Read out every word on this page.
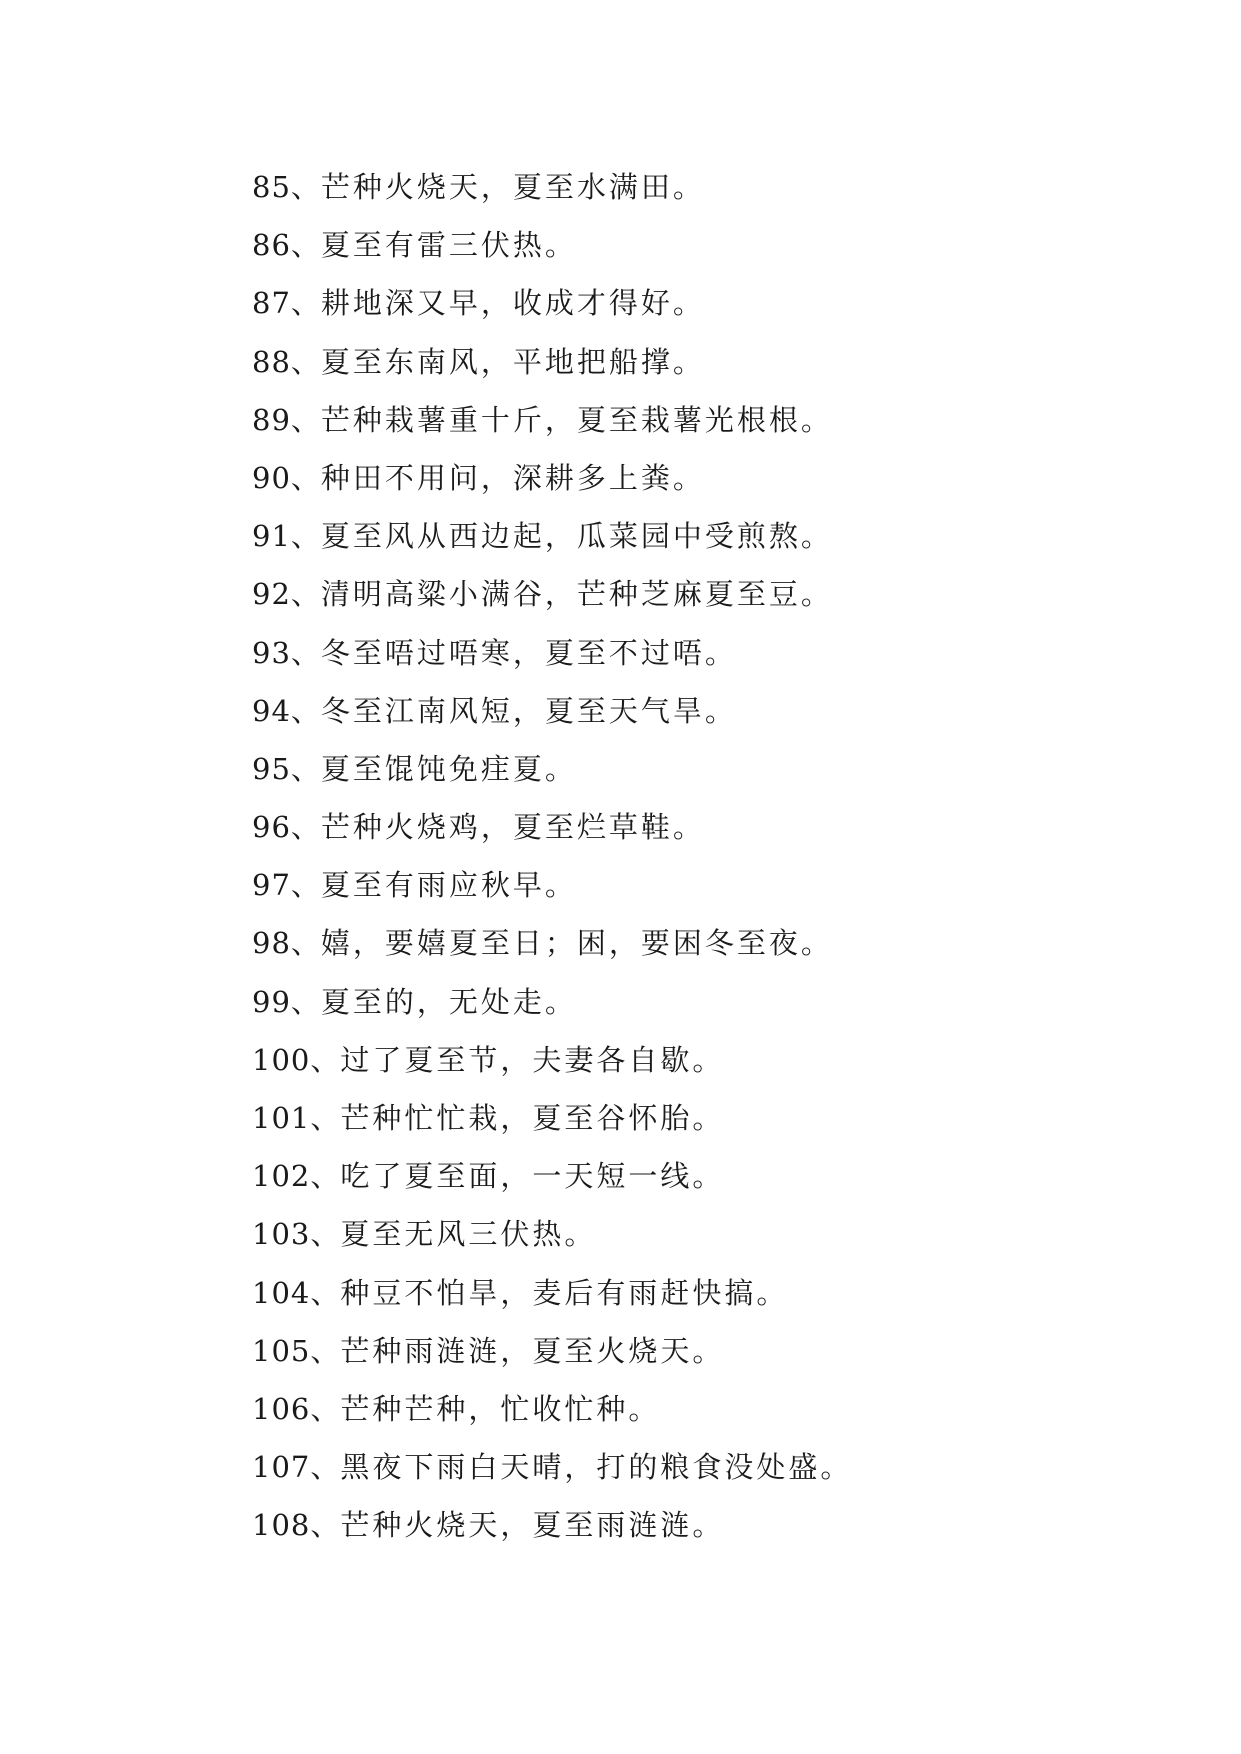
85、芒种火烧天，夏至水满田。
86、夏至有雷三伏热。
87、耕地深又早，收成才得好。
88、夏至东南风，平地把船撑。
89、芒种栽薯重十斤，夏至栽薯光根根。
90、种田不用问，深耕多上粪。
91、夏至风从西边起，瓜菜园中受煎熬。
92、清明高粱小满谷，芒种芝麻夏至豆。
93、冬至唔过唔寒，夏至不过唔。
94、冬至江南风短，夏至天气旱。
95、夏至馄饨免疰夏。
96、芒种火烧鸡，夏至烂草鞋。
97、夏至有雨应秋早。
98、嬉，要嬉夏至日；困，要困冬至夜。
99、夏至的，无处走。
100、过了夏至节，夫妻各自歇。
101、芒种忙忙栽，夏至谷怀胎。
102、吃了夏至面，一天短一线。
103、夏至无风三伏热。
104、种豆不怕旱，麦后有雨赶快搞。
105、芒种雨涟涟，夏至火烧天。
106、芒种芒种，忙收忙种。
107、黑夜下雨白天晴，打的粮食没处盛。
108、芒种火烧天，夏至雨涟涟。
